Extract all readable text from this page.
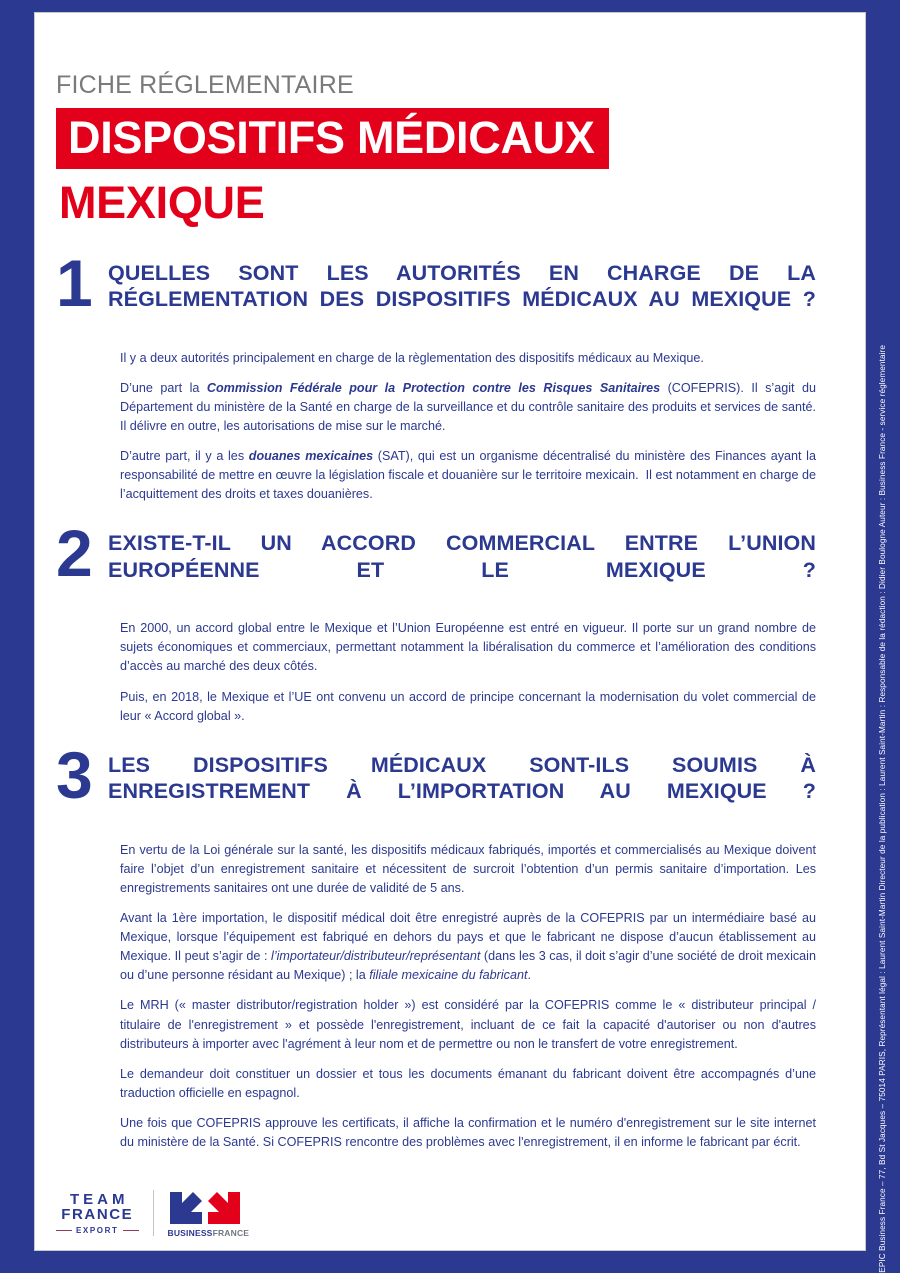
EPIC Business France – 77, Bd St Jacques – 75014 PARIS, Représentant légal : Laurent Saint-Martin Directeur de la publication : Laurent Saint-Martin : Responsable de la rédaction : Didier Boulogne Auteur : Business France - service réglementaire
FICHE RÉGLEMENTAIRE
DISPOSITIFS MÉDICAUX
MEXIQUE
1 QUELLES SONT LES AUTORITÉS EN CHARGE DE LA RÉGLEMENTATION DES DISPOSITIFS MÉDICAUX AU MEXIQUE ?

Il y a deux autorités principalement en charge de la règlementation des dispositifs médicaux au Mexique.

D’une part la Commission Fédérale pour la Protection contre les Risques Sanitaires (COFEPRIS). Il s’agit du Département du ministère de la Santé en charge de la surveillance et du contrôle sanitaire des produits et services de santé. Il délivre en outre, les autorisations de mise sur le marché.

D’autre part, il y a les douanes mexicaines (SAT), qui est un organisme décentralisé du ministère des Finances ayant la responsabilité de mettre en œuvre la législation fiscale et douanière sur le territoire mexicain.  Il est notamment en charge de l’acquittement des droits et taxes douanières.

2 EXISTE-T-IL UN ACCORD COMMERCIAL ENTRE L’UNION EUROPÉENNE ET LE MEXIQUE ?

En 2000, un accord global entre le Mexique et l’Union Européenne est entré en vigueur. Il porte sur un grand nombre de sujets économiques et commerciaux, permettant notamment la libéralisation du commerce et l’amélioration des conditions d’accès au marché des deux côtés.

Puis, en 2018, le Mexique et l’UE ont convenu un accord de principe concernant la modernisation du volet commercial de leur « Accord global ».

3 LES DISPOSITIFS MÉDICAUX SONT-ILS SOUMIS À ENREGISTREMENT À L’IMPORTATION AU MEXIQUE ?

En vertu de la Loi générale sur la santé, les dispositifs médicaux fabriqués, importés et commercialisés au Mexique doivent faire l’objet d’un enregistrement sanitaire et nécessitent de surcroit l’obtention d’un permis sanitaire d’importation. Les enregistrements sanitaires ont une durée de validité de 5 ans.

Avant la 1ère importation, le dispositif médical doit être enregistré auprès de la COFEPRIS par un intermédiaire basé au Mexique, lorsque l’équipement est fabriqué en dehors du pays et que le fabricant ne dispose d’aucun établissement au Mexique. Il peut s’agir de : l’importateur/distributeur/représentant (dans les 3 cas, il doit s’agir d’une société de droit mexicain ou d’une personne résidant au Mexique) ; la filiale mexicaine du fabricant.

Le MRH (« master distributor/registration holder ») est considéré par la COFEPRIS comme le « distributeur principal / titulaire de l'enregistrement » et possède l'enregistrement, incluant de ce fait la capacité d'autoriser ou non d'autres distributeurs à importer avec l'agrément à leur nom et de permettre ou non le transfert de votre enregistrement.

Le demandeur doit constituer un dossier et tous les documents émanant du fabricant doivent être accompagnés d’une traduction officielle en espagnol.

Une fois que COFEPRIS approuve les certificats, il affiche la confirmation et le numéro d'enregistrement sur le site internet du ministère de la Santé. Si COFEPRIS rencontre des problèmes avec l'enregistrement, il en informe le fabricant par écrit.

TEAM
FRANCE
EXPORT	BUSINESSFRANCE
